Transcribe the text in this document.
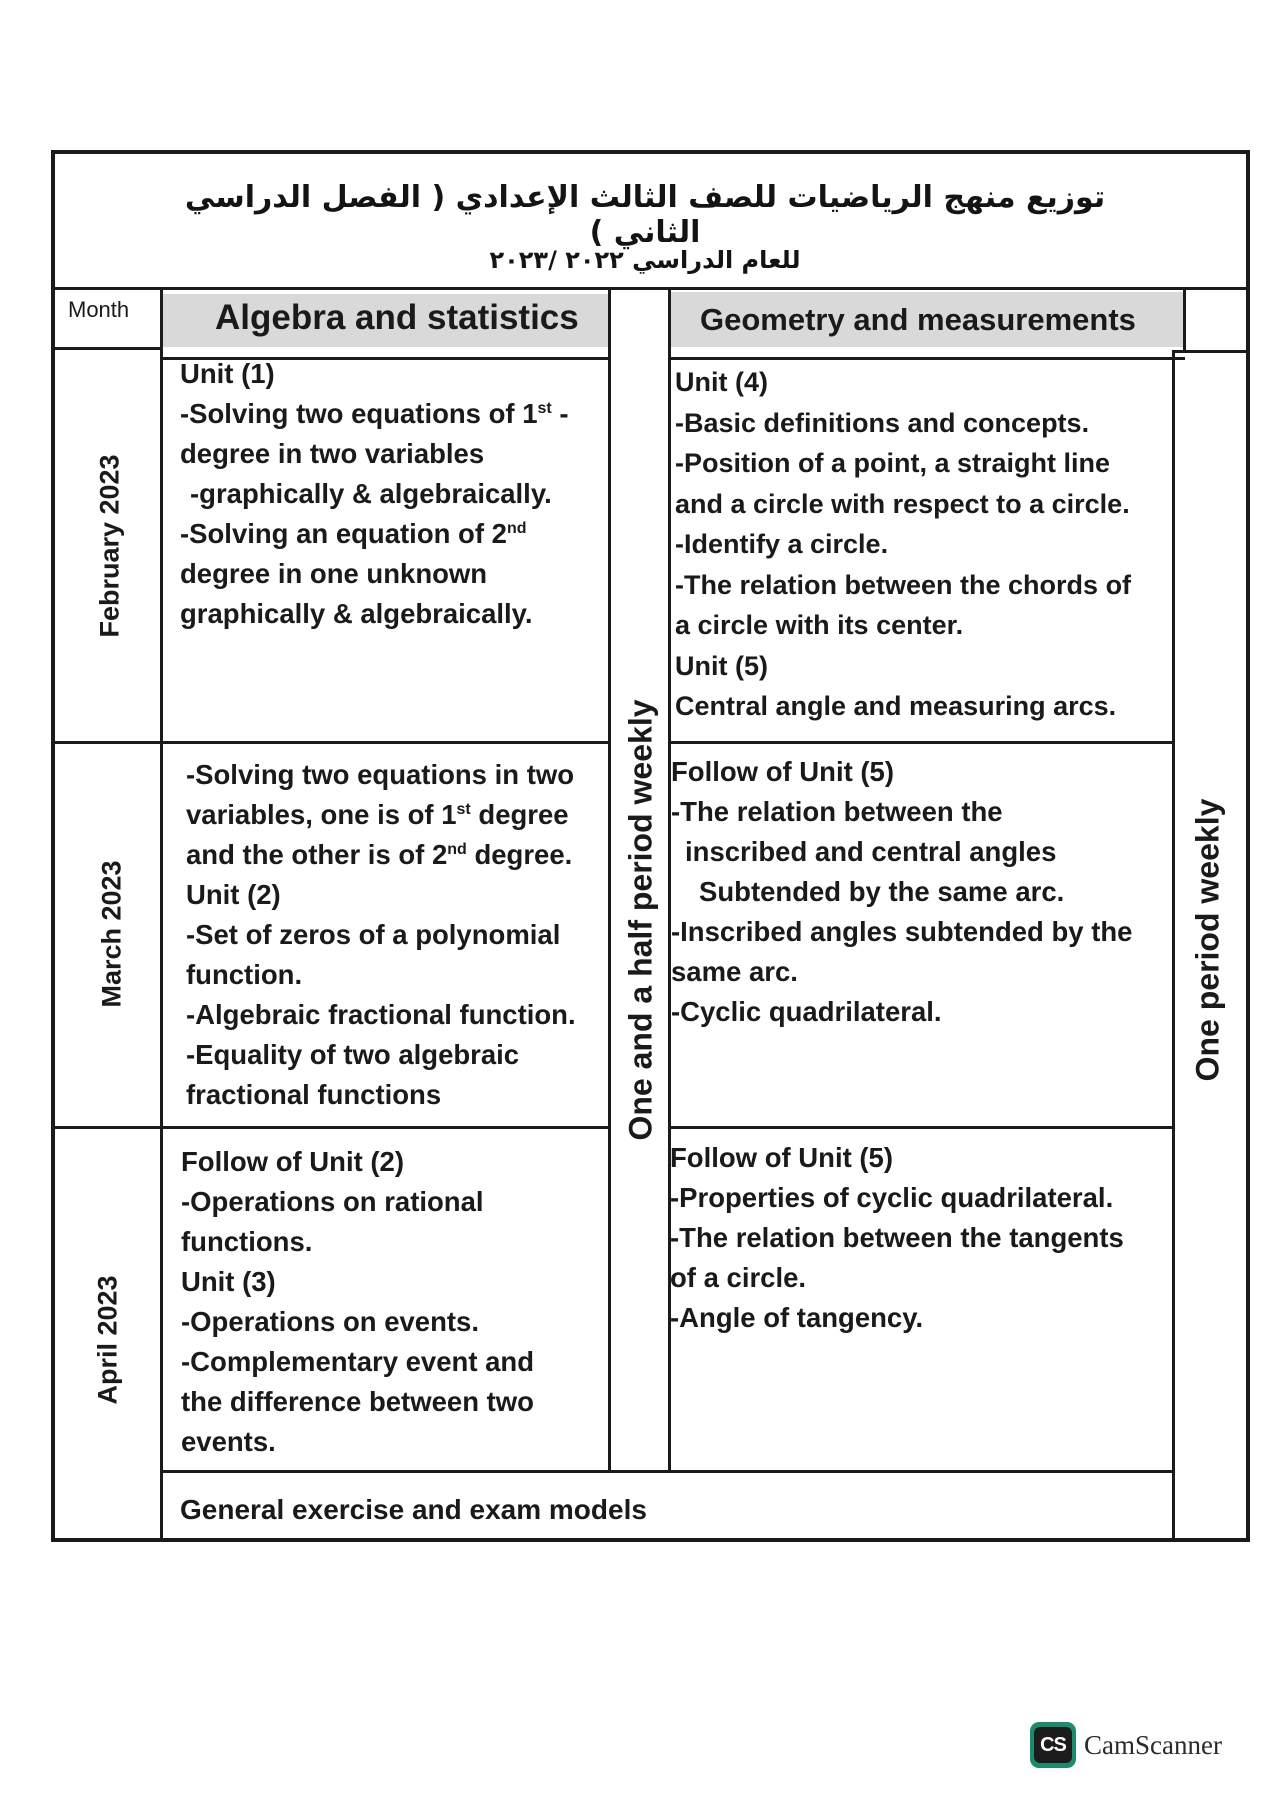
توزيع منهج الرياضيات للصف الثالث الإعدادي ( الفصل الدراسي الثاني )
للعام الدراسي ٢٠٢٢ /٢٠٢٣
Month Algebra and statistics	Geometry and measurements
February 2023
March 2023
April 2023
One and a half period weekly	One period weekly
Unit (1)
-Solving two equations of 1st -
degree in two variables
-graphically & algebraically.
-Solving an equation of 2nd
degree in one unknown
graphically & algebraically.
-Solving two equations in two
variables, one is of 1st degree
and the other is of 2nd degree.
Unit (2)
-Set of zeros of a polynomial
function.
-Algebraic fractional function.
-Equality of two algebraic
fractional functions
Follow of Unit (2)
-Operations on rational
functions.
Unit (3)
-Operations on events.
-Complementary event and
the difference between two
events.
Unit (4)
-Basic definitions and concepts.
-Position of a point, a straight line
and a circle with respect to a circle.
-Identify a circle.
-The relation between the chords of
a circle with its center.
Unit (5)
Central angle and measuring arcs.
Follow of Unit (5)
-The relation between the
inscribed and central angles
Subtended by the same arc.
-Inscribed angles subtended by the
same arc.
-Cyclic quadrilateral.
Follow of Unit (5)
-Properties of cyclic quadrilateral.
-The relation between the tangents
of a circle.
-Angle of tangency.
General exercise and exam models
CS CamScanner
